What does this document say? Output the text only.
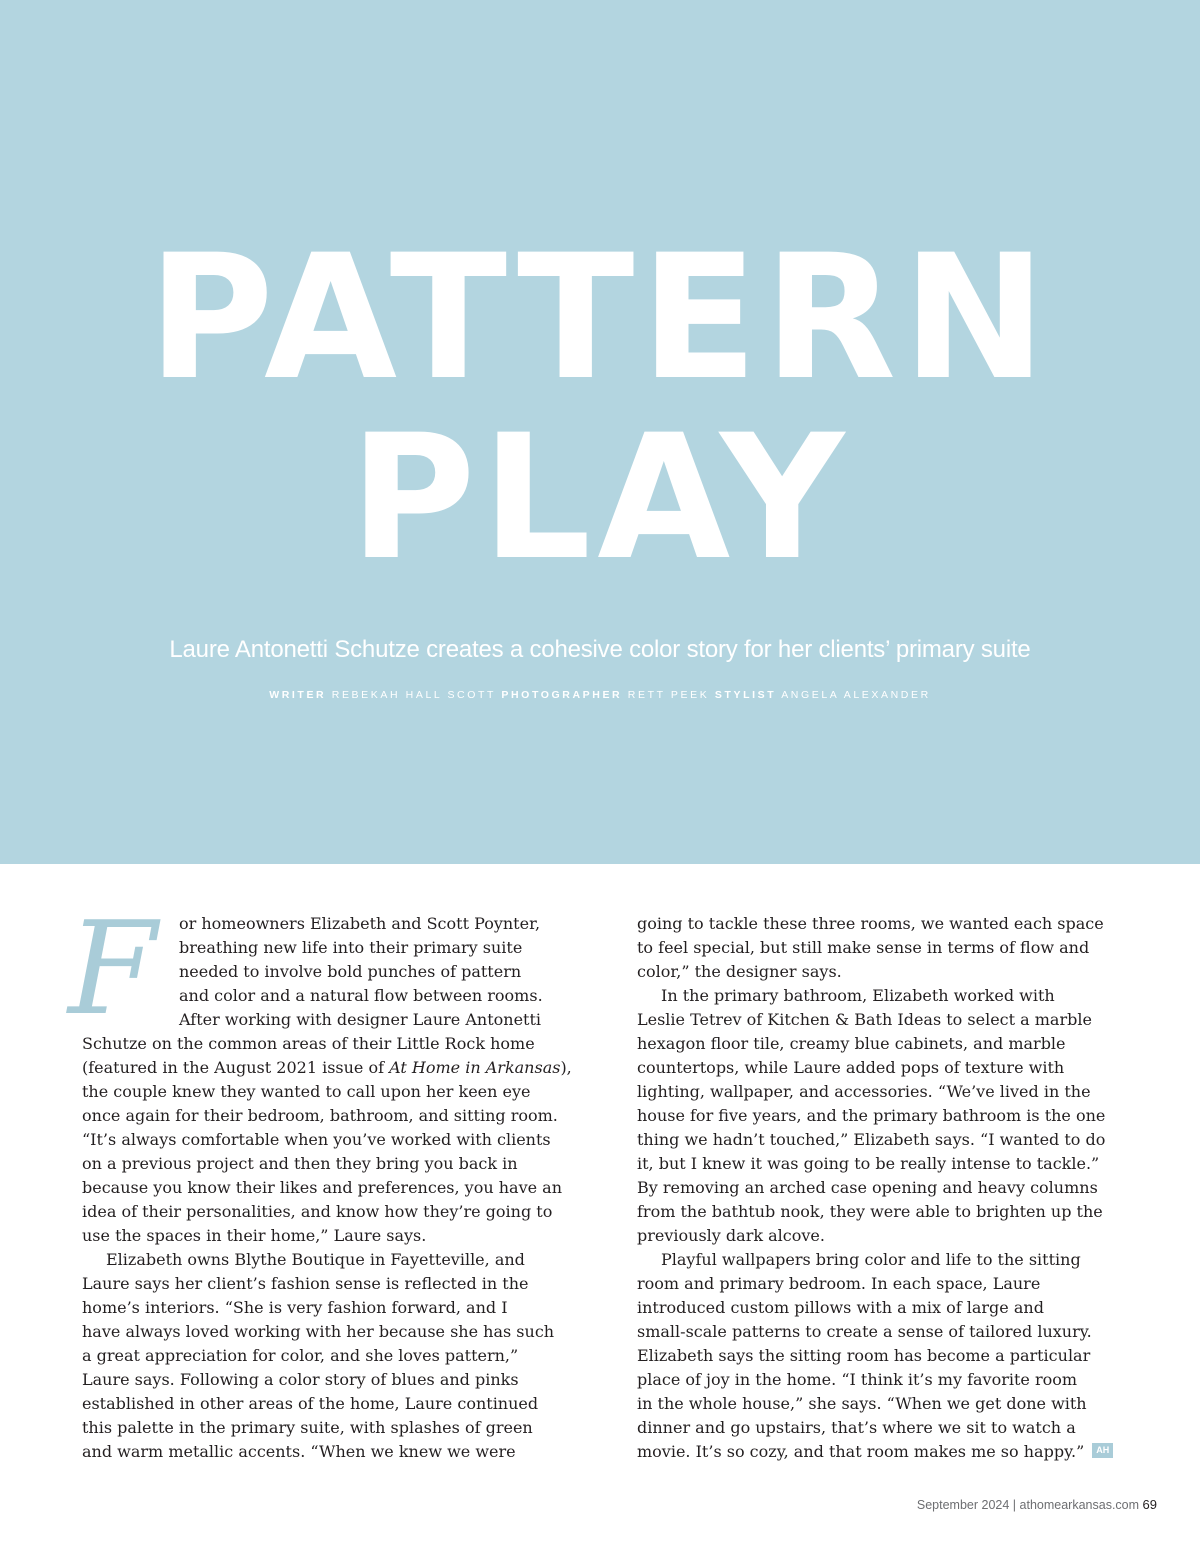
PATTERN
PLAY
Laure Antonetti Schutze creates a cohesive color story for her clients’ primary suite
WRITER REBEKAH HALL SCOTT PHOTOGRAPHER RETT PEEK STYLIST ANGELA ALEXANDER
F	or homeowners Elizabeth and Scott Poynter,
breathing new life into their primary suite
needed to involve bold punches of pattern
and color and a natural flow between rooms.
After working with designer Laure Antonetti
Schutze on the common areas of their Little Rock home
(featured in the August 2021 issue of At Home in Arkansas),
the couple knew they wanted to call upon her keen eye
once again for their bedroom, bathroom, and sitting room.
“It’s always comfortable when you’ve worked with clients
on a previous project and then they bring you back in
because you know their likes and preferences, you have an
idea of their personalities, and know how they’re going to
use the spaces in their home,” Laure says.
Elizabeth owns Blythe Boutique in Fayetteville, and
Laure says her client’s fashion sense is reflected in the
home’s interiors. “She is very fashion forward, and I
have always loved working with her because she has such
a great appreciation for color, and she loves pattern,”
Laure says. Following a color story of blues and pinks
established in other areas of the home, Laure continued
this palette in the primary suite, with splashes of green
and warm metallic accents. “When we knew we were
going to tackle these three rooms, we wanted each space
to feel special, but still make sense in terms of flow and
color,” the designer says.
In the primary bathroom, Elizabeth worked with
Leslie Tetrev of Kitchen & Bath Ideas to select a marble
hexagon floor tile, creamy blue cabinets, and marble
countertops, while Laure added pops of texture with
lighting, wallpaper, and accessories. “We’ve lived in the
house for five years, and the primary bathroom is the one
thing we hadn’t touched,” Elizabeth says. “I wanted to do
it, but I knew it was going to be really intense to tackle.”
By removing an arched case opening and heavy columns
from the bathtub nook, they were able to brighten up the
previously dark alcove.
Playful wallpapers bring color and life to the sitting
room and primary bedroom. In each space, Laure
introduced custom pillows with a mix of large and
small-scale patterns to create a sense of tailored luxury.
Elizabeth says the sitting room has become a particular
place of joy in the home. “I think it’s my favorite room
in the whole house,” she says. “When we get done with
dinner and go upstairs, that’s where we sit to watch a
movie. It’s so cozy, and that room makes me so happy.” AH
September 2024 | athomearkansas.com 69
